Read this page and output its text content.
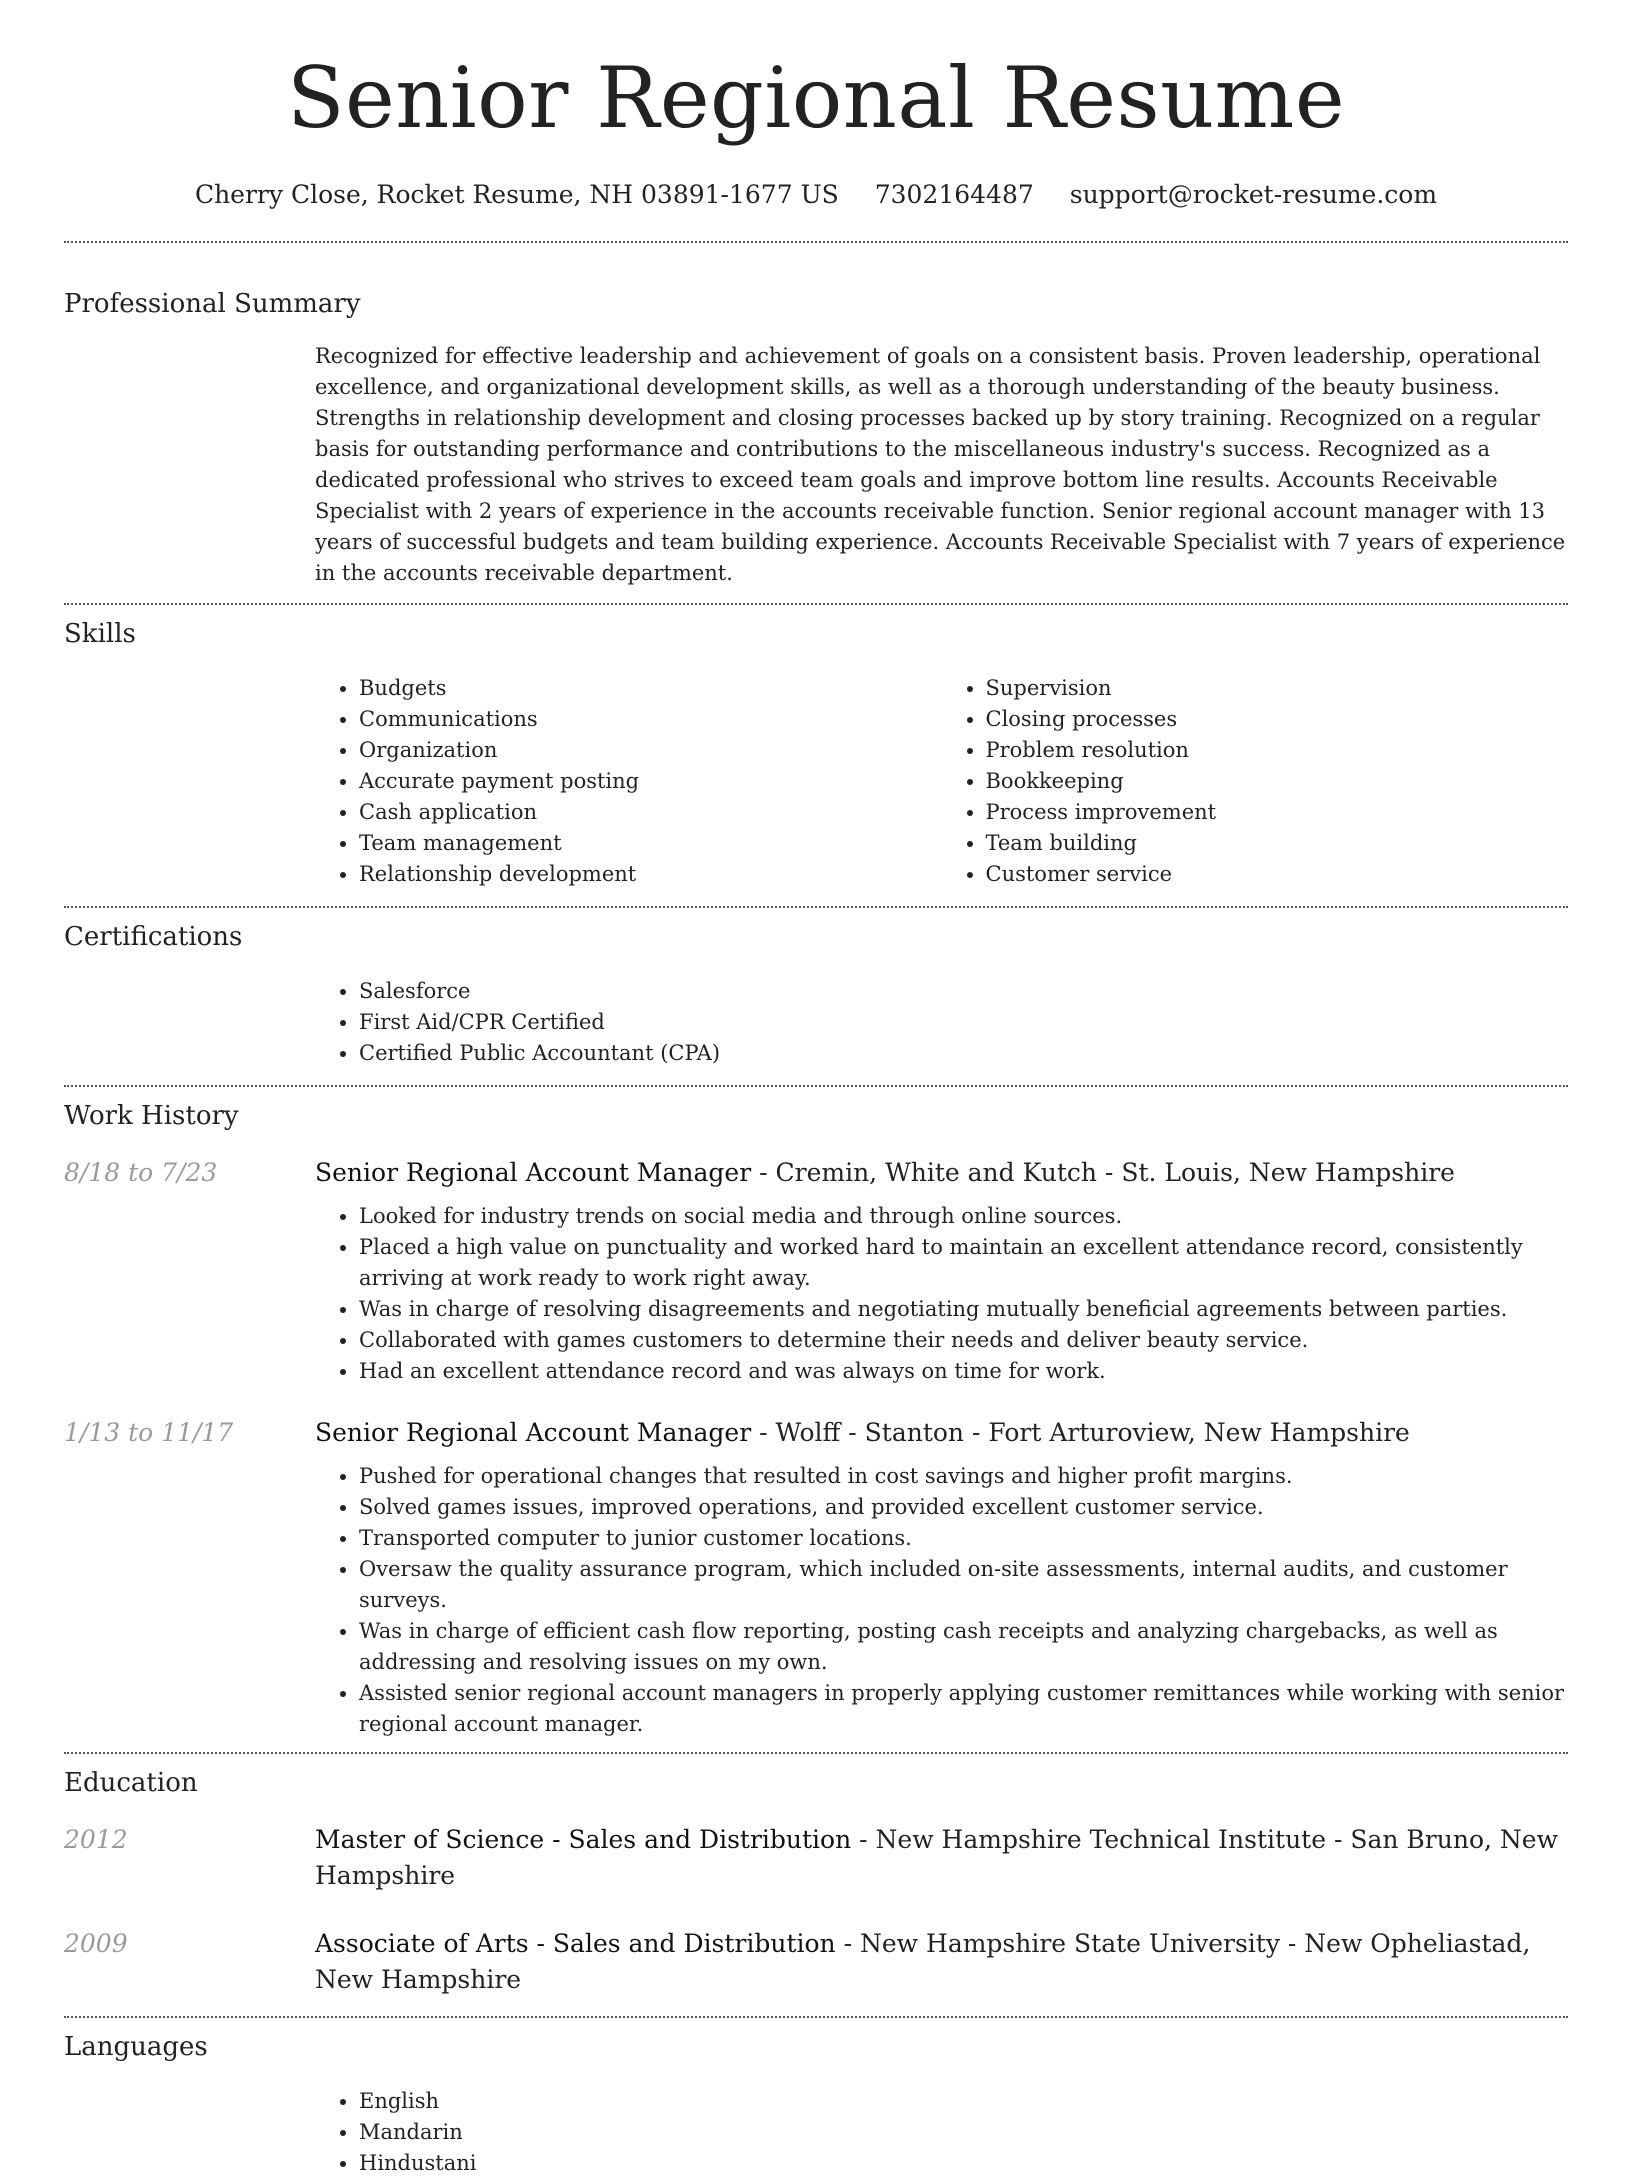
Senior Regional Resume
Cherry Close, Rocket Resume, NH 03891-1677 US 7302164487 support@rocket-resume.com
Professional Summary

Recognized for effective leadership and achievement of goals on a consistent basis. Proven leadership, operational excellence, and organizational development skills, as well as a thorough understanding of the beauty business. Strengths in relationship development and closing processes backed up by story training. Recognized on a regular basis for outstanding performance and contributions to the miscellaneous industry's success. Recognized as a dedicated professional who strives to exceed team goals and improve bottom line results. Accounts Receivable Specialist with 2 years of experience in the accounts receivable function. Senior regional account manager with 13 years of successful budgets and team building experience. Accounts Receivable Specialist with 7 years of experience in the accounts receivable department.

Skills
• Budgets
• Communications
• Organization
• Accurate payment posting
• Cash application
• Team management
• Relationship development
• Supervision
• Closing processes
• Problem resolution
• Bookkeeping
• Process improvement
• Team building
• Customer service
Certifications
• Salesforce
• First Aid/CPR Certified
• Certified Public Accountant (CPA)
Work History
8/18 to 7/23	Senior Regional Account Manager - Cremin, White and Kutch - St. Louis, New Hampshire
• Looked for industry trends on social media and through online sources.
• Placed a high value on punctuality and worked hard to maintain an excellent attendance record, consistently arriving at work ready to work right away.
• Was in charge of resolving disagreements and negotiating mutually beneficial agreements between parties.
• Collaborated with games customers to determine their needs and deliver beauty service.
• Had an excellent attendance record and was always on time for work.
1/13 to 11/17	Senior Regional Account Manager - Wolff - Stanton - Fort Arturoview, New Hampshire
• Pushed for operational changes that resulted in cost savings and higher profit margins.
• Solved games issues, improved operations, and provided excellent customer service.
• Transported computer to junior customer locations.
• Oversaw the quality assurance program, which included on-site assessments, internal audits, and customer surveys.
• Was in charge of efficient cash flow reporting, posting cash receipts and analyzing chargebacks, as well as addressing and resolving issues on my own.
• Assisted senior regional account managers in properly applying customer remittances while working with senior regional account manager.
Education
2012	Master of Science - Sales and Distribution - New Hampshire Technical Institute - San Bruno, New Hampshire
2009	Associate of Arts - Sales and Distribution - New Hampshire State University - New Opheliastad, New Hampshire
Languages
• English
• Mandarin
• Hindustani
